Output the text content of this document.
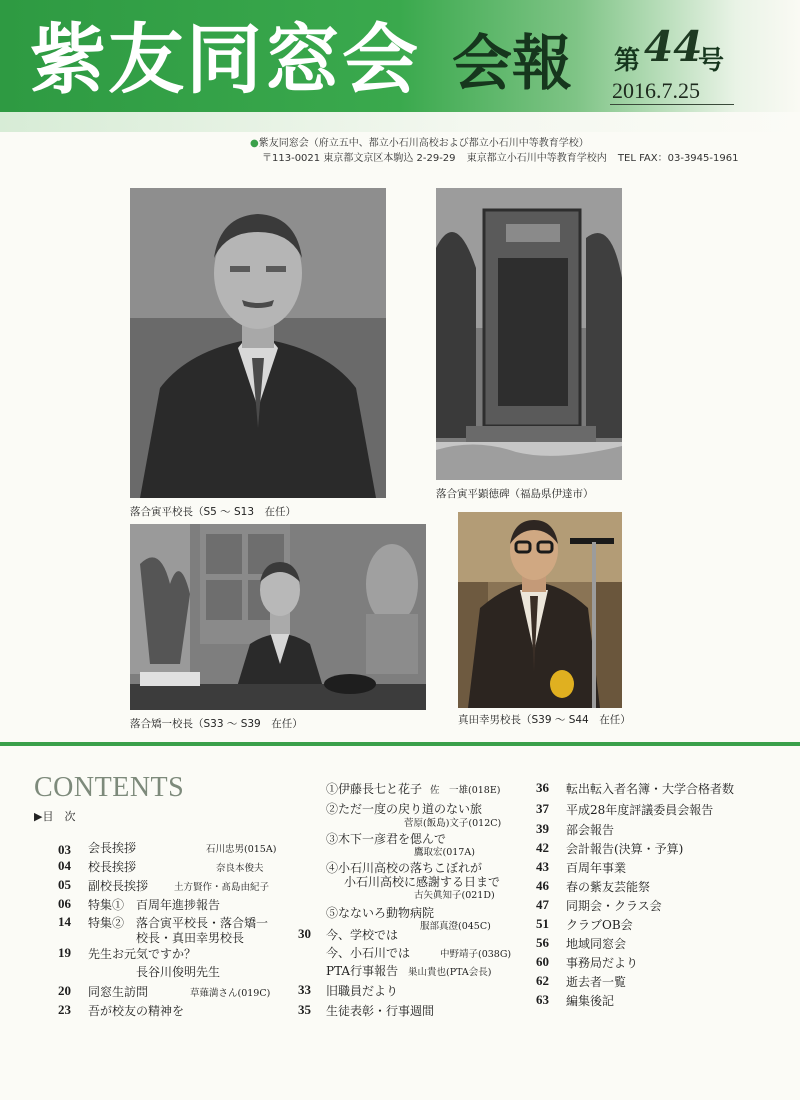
紫友同窓会 会報 第 44
号
2016.7.25
●紫友同窓会（府立五中、都立小石川高校および都立小石川中等教育学校）
〒113-0021 東京都文京区本駒込 2-29-29 東京都立小石川中等教育学校内 TEL FAX：03-3945-1961
落合寅平校長（S5 ～ S13　在任）
落合寅平顕徳碑（福島県伊達市）
落合矯一校長（S33 ～ S39　在任）	真田幸男校長（S39 ～ S44　在任）
CONTENTS
▶目　次
03 会長挨拶	石川忠男(015A)
04 校長挨拶	奈良本俊夫
05 副校長挨拶	土方賢作・髙島由紀子
06 特集①　百周年進捗報告
14 特集②　落合寅平校長・落合矯一
校長・真田幸男校長
19 先生お元気ですか？
長谷川俊明先生
20 同窓生訪問	草薙満さん(019C)
23 吾が校友の精神を
①伊藤長七と花子 佐　一雄(018E)
②ただ一度の戻り道のない旅
菅原(飯島)文子(012C)
③木下一彦君を偲んで
鷹取宏(017A)
④小石川高校の落ちこぼれが
小石川高校に感謝する日まで
古矢眞知子(021D)
⑤なないろ動物病院
服部真澄(045C)
30 今、学校では
今、小石川では	中野靖子(038G)
PTA行事報告 巣山貴也(PTA会長)
33 旧職員だより
35 生徒表彰・行事週間
36 転出転入者名簿・大学合格者数
37 平成28年度評議委員会報告
39 部会報告
42 会計報告(決算・予算)
43 百周年事業
46 春の紫友芸能祭
47 同期会・クラス会
51 クラブOB会
56 地域同窓会
60 事務局だより
62 逝去者一覧
63 編集後記
